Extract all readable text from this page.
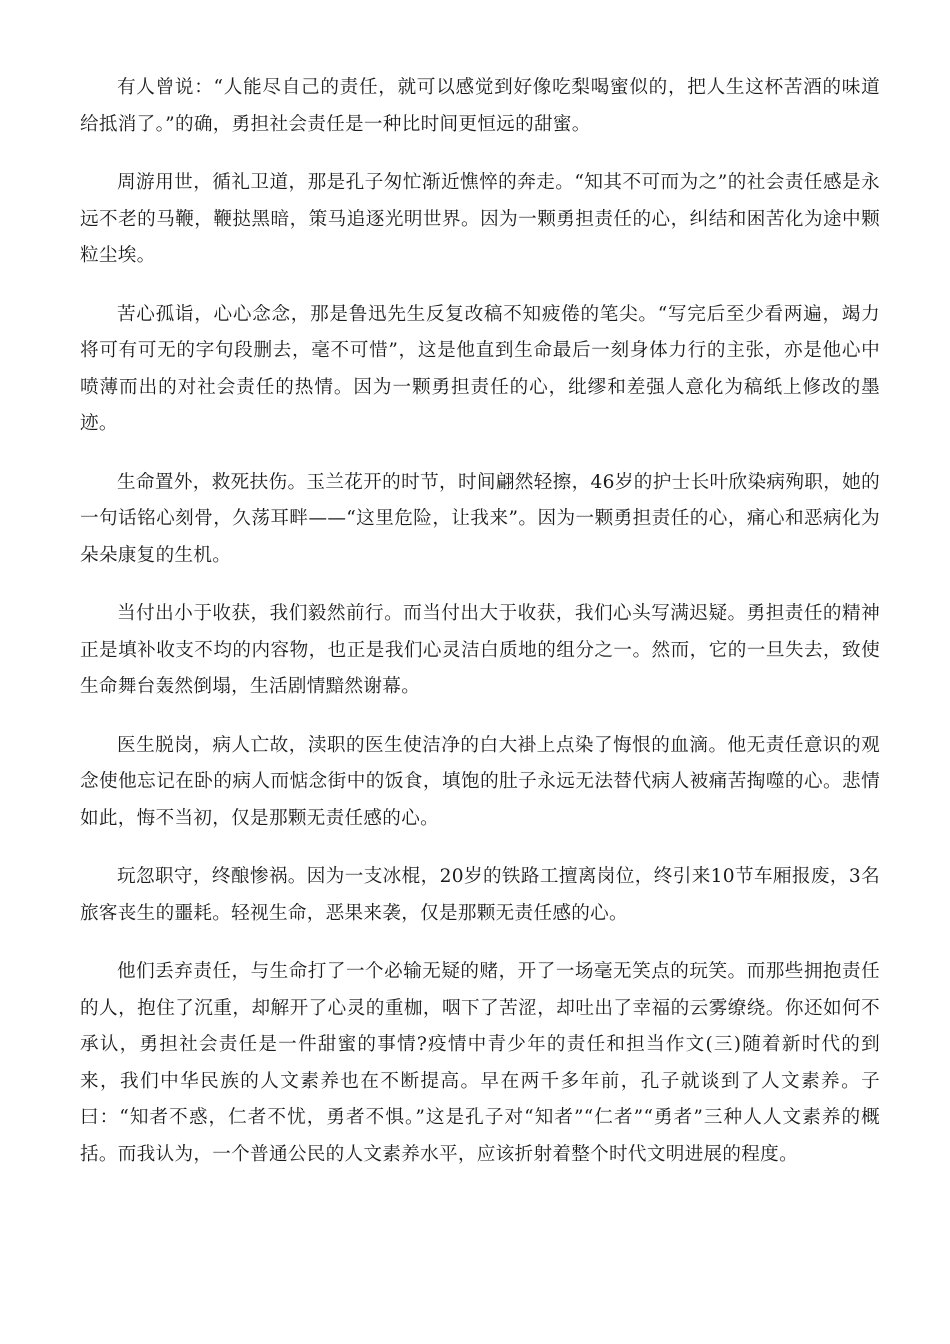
有人曾说：“人能尽自己的责任，就可以感觉到好像吃梨喝蜜似的，把人生这杯苦酒的味道给抵消了。”的确，勇担社会责任是一种比时间更恒远的甜蜜。

周游用世，循礼卫道，那是孔子匆忙渐近憔悴的奔走。“知其不可而为之”的社会责任感是永远不老的马鞭，鞭挞黑暗，策马追逐光明世界。因为一颗勇担责任的心，纠结和困苦化为途中颗粒尘埃。

苦心孤诣，心心念念，那是鲁迅先生反复改稿不知疲倦的笔尖。“写完后至少看两遍，竭力将可有可无的字句段删去，毫不可惜”，这是他直到生命最后一刻身体力行的主张，亦是他心中喷薄而出的对社会责任的热情。因为一颗勇担责任的心，纰缪和差强人意化为稿纸上修改的墨迹。

生命置外，救死扶伤。玉兰花开的时节，时间翩然轻擦，46岁的护士长叶欣染病殉职，她的一句话铭心刻骨，久荡耳畔——“这里危险，让我来”。因为一颗勇担责任的心，痛心和恶病化为朵朵康复的生机。

当付出小于收获，我们毅然前行。而当付出大于收获，我们心头写满迟疑。勇担责任的精神正是填补收支不均的内容物，也正是我们心灵洁白质地的组分之一。然而，它的一旦失去，致使生命舞台轰然倒塌，生活剧情黯然谢幕。

医生脱岗，病人亡故，渎职的医生使洁净的白大褂上点染了悔恨的血滴。他无责任意识的观念使他忘记在卧的病人而惦念街中的饭食，填饱的肚子永远无法替代病人被痛苦掏噬的心。悲情如此，悔不当初，仅是那颗无责任感的心。

玩忽职守，终酿惨祸。因为一支冰棍，20岁的铁路工擅离岗位，终引来10节车厢报废，3名旅客丧生的噩耗。轻视生命，恶果来袭，仅是那颗无责任感的心。

他们丢弃责任，与生命打了一个必输无疑的赌，开了一场毫无笑点的玩笑。而那些拥抱责任的人，抱住了沉重，却解开了心灵的重枷，咽下了苦涩，却吐出了幸福的云雾缭绕。你还如何不承认，勇担社会责任是一件甜蜜的事情?疫情中青少年的责任和担当作文(三)随着新时代的到来，我们中华民族的人文素养也在不断提高。早在两千多年前，孔子就谈到了人文素养。子曰：“知者不惑，仁者不忧，勇者不惧。”这是孔子对“知者”“仁者”“勇者”三种人人文素养的概括。而我认为，一个普通公民的人文素养水平，应该折射着整个时代文明进展的程度。
